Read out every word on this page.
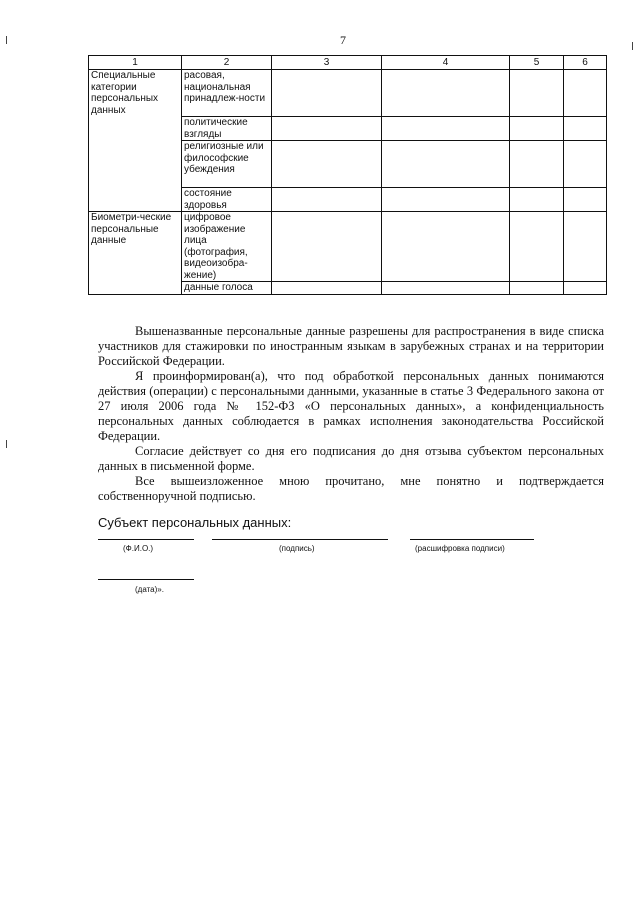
7
1	2	3	4	5	6
Специальные категории персональных данных	расовая, национальная принадлеж-ности				
	политические взгляды				
	религиозные или философские убеждения				
	состояние здоровья				
Биометри-ческие персональные данные	цифровое изображение лица (фотография, видеоизобра-жение)				
	данные голоса				

Вышеназванные персональные данные разрешены для распространения в виде списка участников для стажировки по иностранным языкам в зарубежных странах и на территории Российской Федерации.

Я проинформирован(а), что под обработкой персональных данных понимаются действия (операции) с персональными данными, указанные в статье 3 Федерального закона от 27 июля 2006 года № 152-ФЗ «О персональных данных», а конфиденциальность персональных данных соблюдается в рамках исполнения законодательства Российской Федерации.

Согласие действует со дня его подписания до дня отзыва субъектом персональных данных в письменной форме.

Все вышеизложенное мною прочитано, мне понятно и подтверждается собственноручной подписью.

Субъект персональных данных:
(Ф.И.О.)	(подпись)	(расшифровка подписи)
(дата)».
